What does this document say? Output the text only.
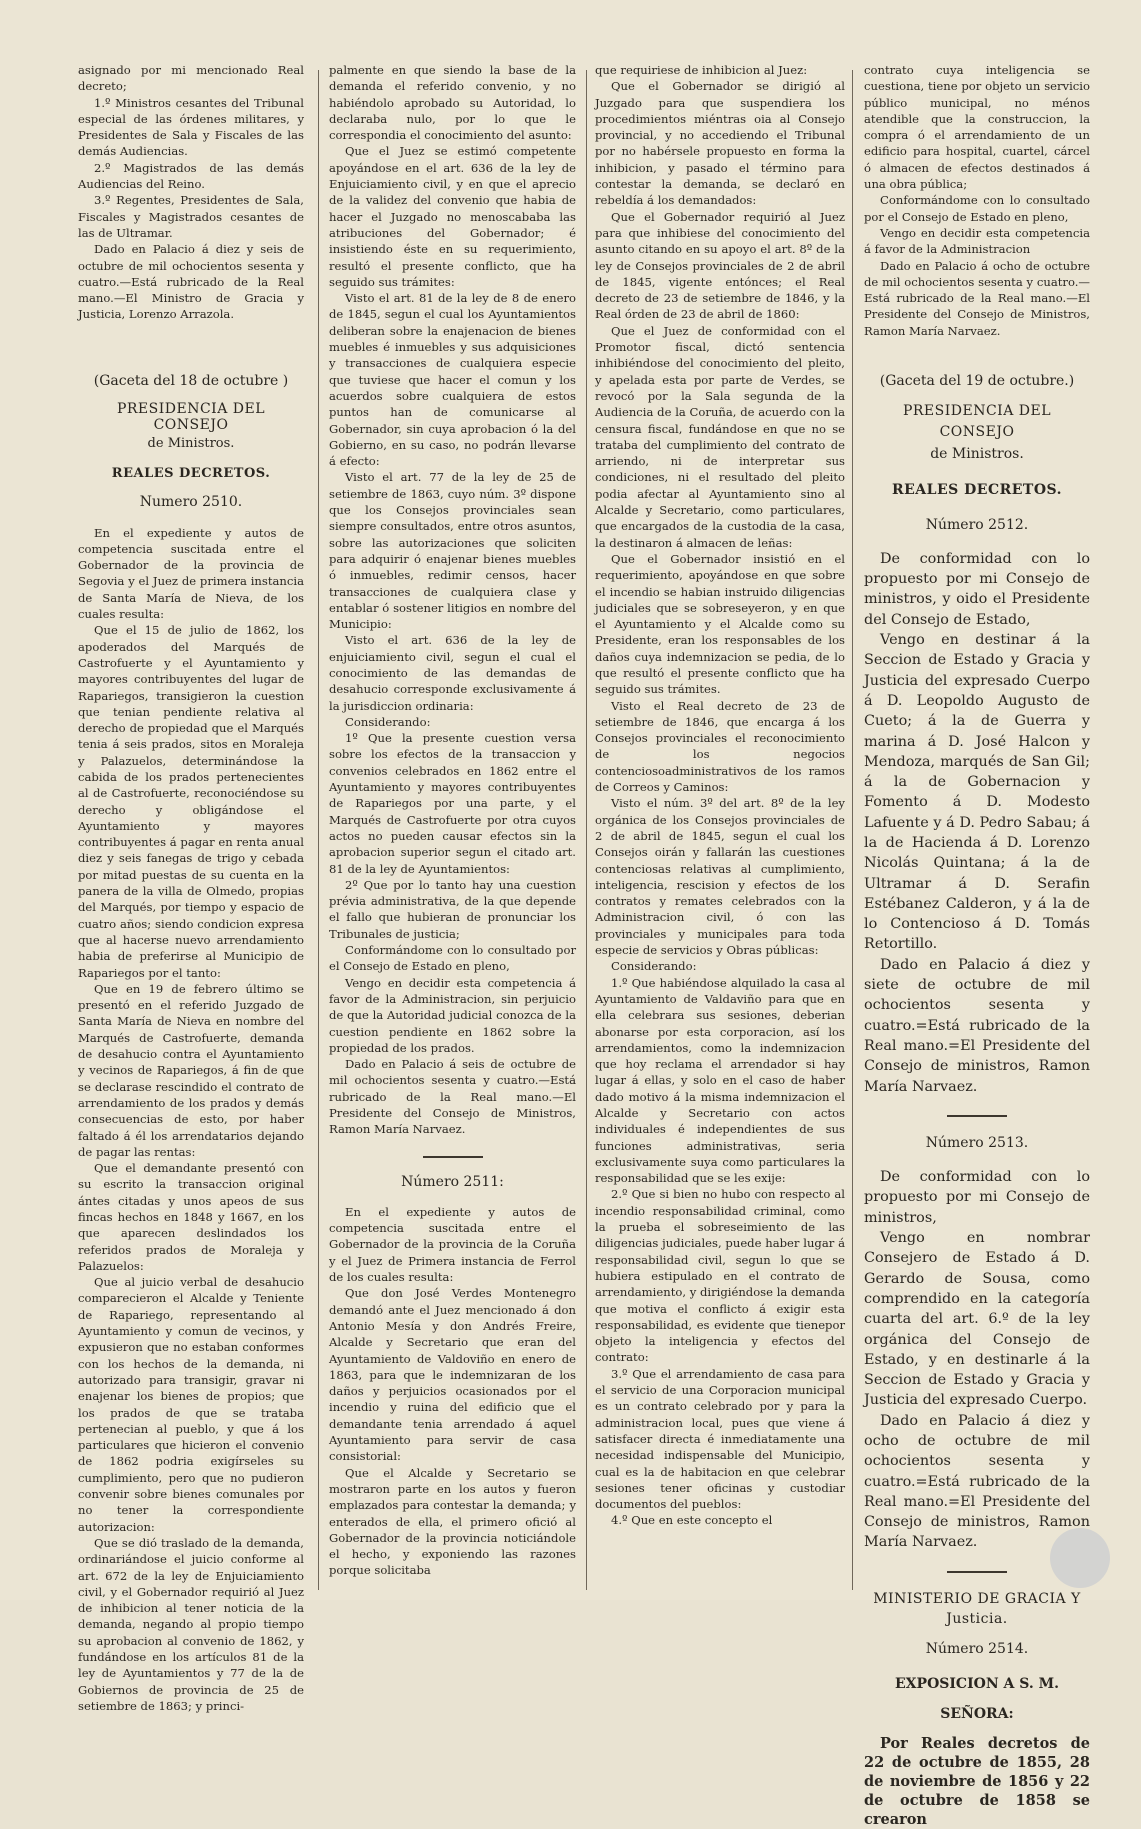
asignado por mi mencionado Real decreto;

1.º Ministros cesantes del Tribunal especial de las órdenes militares, y Presidentes de Sala y Fiscales de las demás Audiencias.

2.º Magistrados de las demás Audiencias del Reino.

3.º Regentes, Presidentes de Sala, Fiscales y Magistrados cesantes de las de Ultramar.

Dado en Palacio á diez y seis de octubre de mil ochocientos sesenta y cuatro.—Está rubricado de la Real mano.—El Ministro de Gracia y Justicia, Lorenzo Arrazola.

(Gaceta del 18 de octubre )
PRESIDENCIA DEL CONSEJO
de Ministros.
REALES DECRETOS.
Numero 2510.

En el expediente y autos de competencia suscitada entre el Gobernador de la provincia de Segovia y el Juez de primera instancia de Santa María de Nieva, de los cuales resulta:

Que el 15 de julio de 1862, los apoderados del Marqués de Castrofuerte y el Ayuntamiento y mayores contribuyentes del lugar de Rapariegos, transigieron la cuestion que tenian pendiente relativa al derecho de propiedad que el Marqués tenia á seis prados, sitos en Moraleja y Palazuelos, determinándose la cabida de los prados pertenecientes al de Castrofuerte, reconociéndose su derecho y obligándose el Ayuntamiento y mayores contribuyentes á pagar en renta anual diez y seis fanegas de trigo y cebada por mitad puestas de su cuenta en la panera de la villa de Olmedo, propias del Marqués, por tiempo y espacio de cuatro años; siendo condicion expresa que al hacerse nuevo arrendamiento habia de preferirse al Municipio de Rapariegos por el tanto:

Que en 19 de febrero último se presentó en el referido Juzgado de Santa María de Nieva en nombre del Marqués de Castrofuerte, demanda de desahucio contra el Ayuntamiento y vecinos de Rapariegos, á fin de que se declarase rescindido el contrato de arrendamiento de los prados y demás consecuencias de esto, por haber faltado á él los arrendatarios dejando de pagar las rentas:

Que el demandante presentó con su escrito la transaccion original ántes citadas y unos apeos de sus fincas hechos en 1848 y 1667, en los que aparecen deslindados los referidos prados de Moraleja y Palazuelos:

Que al juicio verbal de desahucio comparecieron el Alcalde y Teniente de Rapariego, representando al Ayuntamiento y comun de vecinos, y expusieron que no estaban conformes con los hechos de la demanda, ni autorizado para transigir, gravar ni enajenar los bienes de propios; que los prados de que se trataba pertenecian al pueblo, y que á los particulares que hicieron el convenio de 1862 podria exigírseles su cumplimiento, pero que no pudieron convenir sobre bienes comunales por no tener la correspondiente autorizacion:

Que se dió traslado de la demanda, ordinariándose el juicio conforme al art. 672 de la ley de Enjuiciamiento civil, y el Gobernador requirió al Juez de inhibicion al tener noticia de la demanda, negando al propio tiempo su aprobacion al convenio de 1862, y fundándose en los artículos 81 de la ley de Ayuntamientos y 77 de la de Gobiernos de provincia de 25 de setiembre de 1863; y princi-

palmente en que siendo la base de la demanda el referido convenio, y no habiéndolo aprobado su Autoridad, lo declaraba nulo, por lo que le correspondia el conocimiento del asunto:

Que el Juez se estimó competente apoyándose en el art. 636 de la ley de Enjuiciamiento civil, y en que el aprecio de la validez del convenio que habia de hacer el Juzgado no menoscababa las atribuciones del Gobernador; é insistiendo éste en su requerimiento, resultó el presente conflicto, que ha seguido sus trámites:

Visto el art. 81 de la ley de 8 de enero de 1845, segun el cual los Ayuntamientos deliberan sobre la enajenacion de bienes muebles é inmuebles y sus adquisiciones y transacciones de cualquiera especie que tuviese que hacer el comun y los acuerdos sobre cualquiera de estos puntos han de comunicarse al Gobernador, sin cuya aprobacion ó la del Gobierno, en su caso, no podrán llevarse á efecto:

Visto el art. 77 de la ley de 25 de setiembre de 1863, cuyo núm. 3º dispone que los Consejos provinciales sean siempre consultados, entre otros asuntos, sobre las autorizaciones que soliciten para adquirir ó enajenar bienes muebles ó inmuebles, redimir censos, hacer transacciones de cualquiera clase y entablar ó sostener litigios en nombre del Municipio:

Visto el art. 636 de la ley de enjuiciamiento civil, segun el cual el conocimiento de las demandas de desahucio corresponde exclusivamente á la jurisdiccion ordinaria:

Considerando:

1º Que la presente cuestion versa sobre los efectos de la transaccion y convenios celebrados en 1862 entre el Ayuntamiento y mayores contribuyentes de Rapariegos por una parte, y el Marqués de Castrofuerte por otra cuyos actos no pueden causar efectos sin la aprobacion superior segun el citado art. 81 de la ley de Ayuntamientos:

2º Que por lo tanto hay una cuestion prévia administrativa, de la que depende el fallo que hubieran de pronunciar los Tribunales de justicia;

Conformándome con lo consultado por el Consejo de Estado en pleno,

Vengo en decidir esta competencia á favor de la Administracion, sin perjuicio de que la Autoridad judicial conozca de la cuestion pendiente en 1862 sobre la propiedad de los prados.

Dado en Palacio á seis de octubre de mil ochocientos sesenta y cuatro.—Está rubricado de la Real mano.—El Presidente del Consejo de Ministros, Ramon María Narvaez.

Número 2511:

En el expediente y autos de competencia suscitada entre el Gobernador de la provincia de la Coruña y el Juez de Primera instancia de Ferrol de los cuales resulta:

Que don José Verdes Montenegro demandó ante el Juez mencionado á don Antonio Mesía y don Andrés Freire, Alcalde y Secretario que eran del Ayuntamiento de Valdoviño en enero de 1863, para que le indemnizaran de los daños y perjuicios ocasionados por el incendio y ruina del edificio que el demandante tenia arrendado á aquel Ayuntamiento para servir de casa consistorial:

Que el Alcalde y Secretario se mostraron parte en los autos y fueron emplazados para contestar la demanda; y enterados de ella, el primero ofició al Gobernador de la provincia noticiándole el hecho, y exponiendo las razones porque solicitaba

que requiriese de inhibicion al Juez:

Que el Gobernador se dirigió al Juzgado para que suspendiera los procedimientos miéntras oia al Consejo provincial, y no accediendo el Tribunal por no habérsele propuesto en forma la inhibicion, y pasado el término para contestar la demanda, se declaró en rebeldía á los demandados:

Que el Gobernador requirió al Juez para que inhibiese del conocimiento del asunto citando en su apoyo el art. 8º de la ley de Consejos provinciales de 2 de abril de 1845, vigente entónces; el Real decreto de 23 de setiembre de 1846, y la Real órden de 23 de abril de 1860:

Que el Juez de conformidad con el Promotor fiscal, dictó sentencia inhibiéndose del conocimiento del pleito, y apelada esta por parte de Verdes, se revocó por la Sala segunda de la Audiencia de la Coruña, de acuerdo con la censura fiscal, fundándose en que no se trataba del cumplimiento del contrato de arriendo, ni de interpretar sus condiciones, ni el resultado del pleito podia afectar al Ayuntamiento sino al Alcalde y Secretario, como particulares, que encargados de la custodia de la casa, la destinaron á almacen de leñas:

Que el Gobernador insistió en el requerimiento, apoyándose en que sobre el incendio se habian instruido diligencias judiciales que se sobreseyeron, y en que el Ayuntamiento y el Alcalde como su Presidente, eran los responsables de los daños cuya indemnizacion se pedia, de lo que resultó el presente conflicto que ha seguido sus trámites.

Visto el Real decreto de 23 de setiembre de 1846, que encarga á los Consejos provinciales el reconocimiento de los negocios contenciosoadministrativos de los ramos de Correos y Caminos:

Visto el núm. 3º del art. 8º de la ley orgánica de los Consejos provinciales de 2 de abril de 1845, segun el cual los Consejos oirán y fallarán las cuestiones contenciosas relativas al cumplimiento, inteligencia, rescision y efectos de los contratos y remates celebrados con la Administracion civil, ó con las provinciales y municipales para toda especie de servicios y Obras públicas:

Considerando:

1.º Que habiéndose alquilado la casa al Ayuntamiento de Valdaviño para que en ella celebrara sus sesiones, deberian abonarse por esta corporacion, así los arrendamientos, como la indemnizacion que hoy reclama el arrendador si hay lugar á ellas, y solo en el caso de haber dado motivo á la misma indemnizacion el Alcalde y Secretario con actos individuales é independientes de sus funciones administrativas, seria exclusivamente suya como particulares la responsabilidad que se les exije:

2.º Que si bien no hubo con respecto al incendio responsabilidad criminal, como la prueba el sobreseimiento de las diligencias judiciales, puede haber lugar á responsabilidad civil, segun lo que se hubiera estipulado en el contrato de arrendamiento, y dirigiéndose la demanda que motiva el conflicto á exigir esta responsabilidad, es evidente que tienepor objeto la inteligencia y efectos del contrato:

3.º Que el arrendamiento de casa para el servicio de una Corporacion municipal es un contrato celebrado por y para la administracion local, pues que viene á satisfacer directa é inmediatamente una necesidad indispensable del Municipio, cual es la de habitacion en que celebrar sesiones tener oficinas y custodiar documentos del pueblos:

4.º Que en este concepto el

contrato cuya inteligencia se cuestiona, tiene por objeto un servicio público municipal, no ménos atendible que la construccion, la compra ó el arrendamiento de un edificio para hospital, cuartel, cárcel ó almacen de efectos destinados á una obra pública;

Conformándome con lo consultado por el Consejo de Estado en pleno,

Vengo en decidir esta competencia á favor de la Administracion

Dado en Palacio á ocho de octubre de mil ochocientos sesenta y cuatro.—Está rubricado de la Real mano.—El Presidente del Consejo de Ministros, Ramon María Narvaez.

(Gaceta del 19 de octubre.)
PRESIDENCIA DEL CONSEJO
de Ministros.
REALES DECRETOS.
Número 2512.

De conformidad con lo propuesto por mi Consejo de ministros, y oido el Presidente del Consejo de Estado,

Vengo en destinar á la Seccion de Estado y Gracia y Justicia del expresado Cuerpo á D. Leopoldo Augusto de Cueto; á la de Guerra y marina á D. José Halcon y Mendoza, marqués de San Gil; á la de Gobernacion y Fomento á D. Modesto Lafuente y á D. Pedro Sabau; á la de Hacienda á D. Lorenzo Nicolás Quintana; á la de Ultramar á D. Serafin Estébanez Calderon, y á la de lo Contencioso á D. Tomás Retortillo.

Dado en Palacio á diez y siete de octubre de mil ochocientos sesenta y cuatro.=Está rubricado de la Real mano.=El Presidente del Consejo de ministros, Ramon María Narvaez.

Número 2513.

De conformidad con lo propuesto por mi Consejo de ministros,

Vengo en nombrar Consejero de Estado á D. Gerardo de Sousa, como comprendido en la categoría cuarta del art. 6.º de la ley orgánica del Consejo de Estado, y en destinarle á la Seccion de Estado y Gracia y Justicia del expresado Cuerpo.

Dado en Palacio á diez y ocho de octubre de mil ochocientos sesenta y cuatro.=Está rubricado de la Real mano.=El Presidente del Consejo de ministros, Ramon María Narvaez.

MINISTERIO DE GRACIA Y Justicia.
Número 2514.
EXPOSICION A S. M.
SEÑORA:

Por Reales decretos de 22 de octubre de 1855, 28 de noviembre de 1856 y 22 de octubre de 1858 se crearon
